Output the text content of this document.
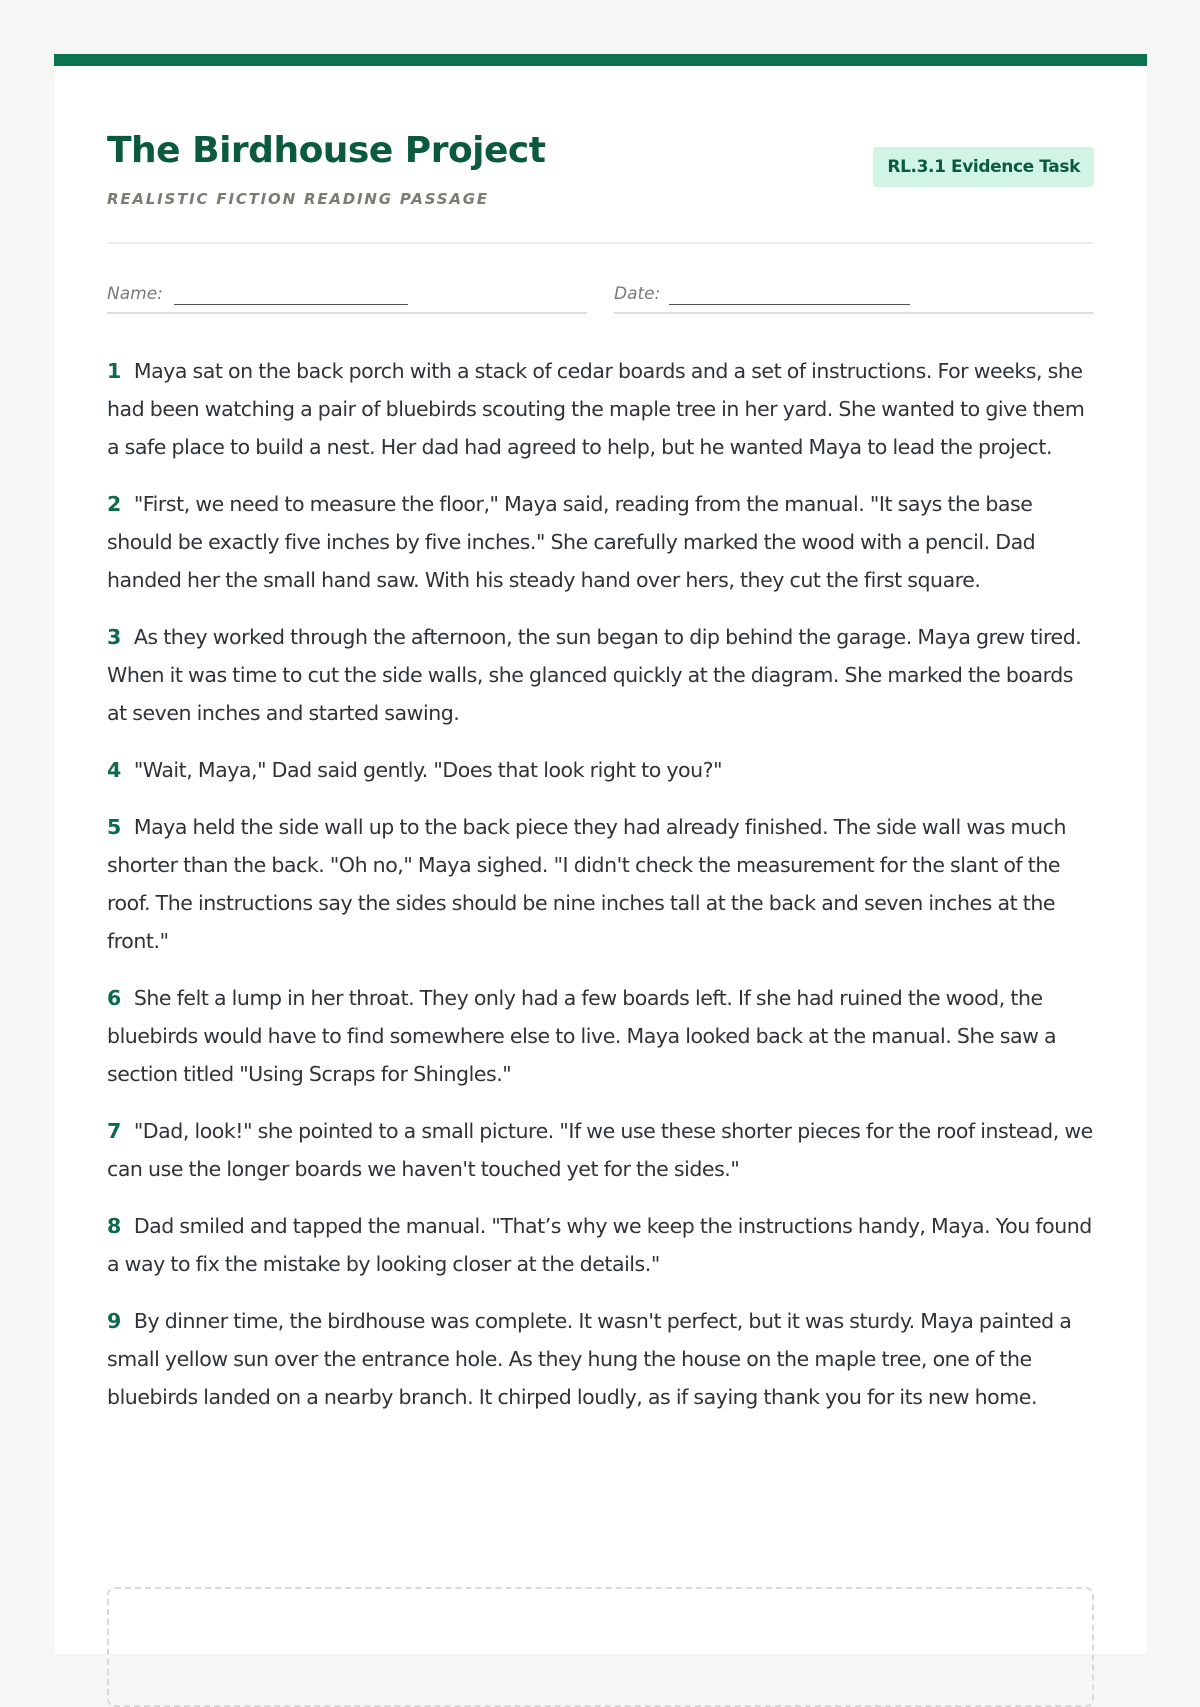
The Birdhouse Project
REALISTIC FICTION READING PASSAGE
RL.3.1 Evidence Task
Name:	Date:

1 Maya sat on the back porch with a stack of cedar boards and a set of instructions. For weeks, she had been watching a pair of bluebirds scouting the maple tree in her yard. She wanted to give them a safe place to build a nest. Her dad had agreed to help, but he wanted Maya to lead the project.

2 "First, we need to measure the floor," Maya said, reading from the manual. "It says the base should be exactly five inches by five inches." She carefully marked the wood with a pencil. Dad handed her the small hand saw. With his steady hand over hers, they cut the first square.

3 As they worked through the afternoon, the sun began to dip behind the garage. Maya grew tired. When it was time to cut the side walls, she glanced quickly at the diagram. She marked the boards at seven inches and started sawing.

4 "Wait, Maya," Dad said gently. "Does that look right to you?"

5 Maya held the side wall up to the back piece they had already finished. The side wall was much shorter than the back. "Oh no," Maya sighed. "I didn't check the measurement for the slant of the roof. The instructions say the sides should be nine inches tall at the back and seven inches at the front."

6 She felt a lump in her throat. They only had a few boards left. If she had ruined the wood, the bluebirds would have to find somewhere else to live. Maya looked back at the manual. She saw a section titled "Using Scraps for Shingles."

7 "Dad, look!" she pointed to a small picture. "If we use these shorter pieces for the roof instead, we can use the longer boards we haven't touched yet for the sides."

8 Dad smiled and tapped the manual. "That’s why we keep the instructions handy, Maya. You found a way to fix the mistake by looking closer at the details."

9 By dinner time, the birdhouse was complete. It wasn't perfect, but it was sturdy. Maya painted a small yellow sun over the entrance hole. As they hung the house on the maple tree, one of the bluebirds landed on a nearby branch. It chirped loudly, as if saying thank you for its new home.
